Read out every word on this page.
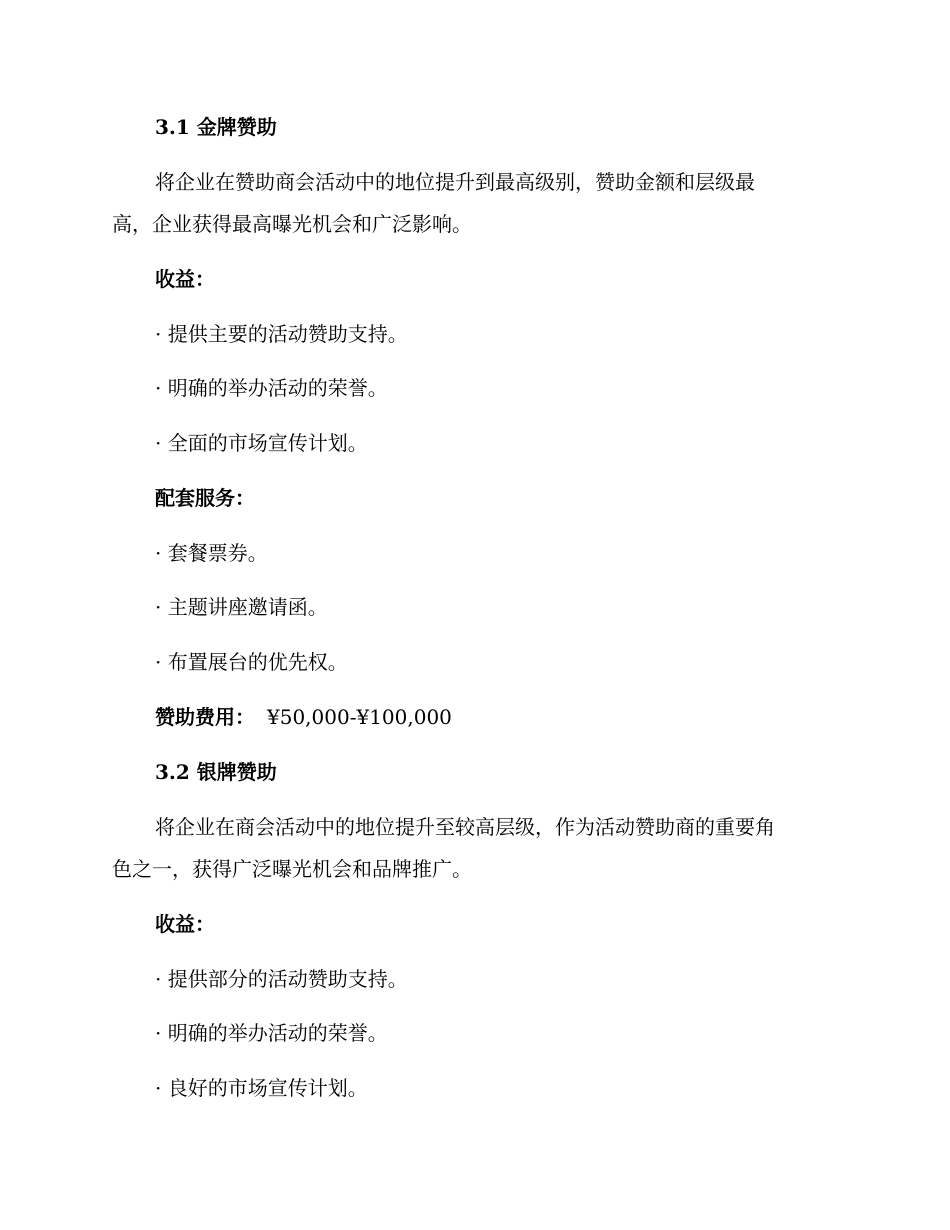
3.1 金牌赞助
将企业在赞助商会活动中的地位提升到最高级别，赞助金额和层级最
高，企业获得最高曝光机会和广泛影响。
收益：
· 提供主要的活动赞助支持。
· 明确的举办活动的荣誉。
· 全面的市场宣传计划。
配套服务：
· 套餐票券。
· 主题讲座邀请函。
· 布置展台的优先权。
赞助费用： ¥50,000-¥100,000
3.2 银牌赞助
将企业在商会活动中的地位提升至较高层级，作为活动赞助商的重要角
色之一，获得广泛曝光机会和品牌推广。
收益：
· 提供部分的活动赞助支持。
· 明确的举办活动的荣誉。
· 良好的市场宣传计划。
